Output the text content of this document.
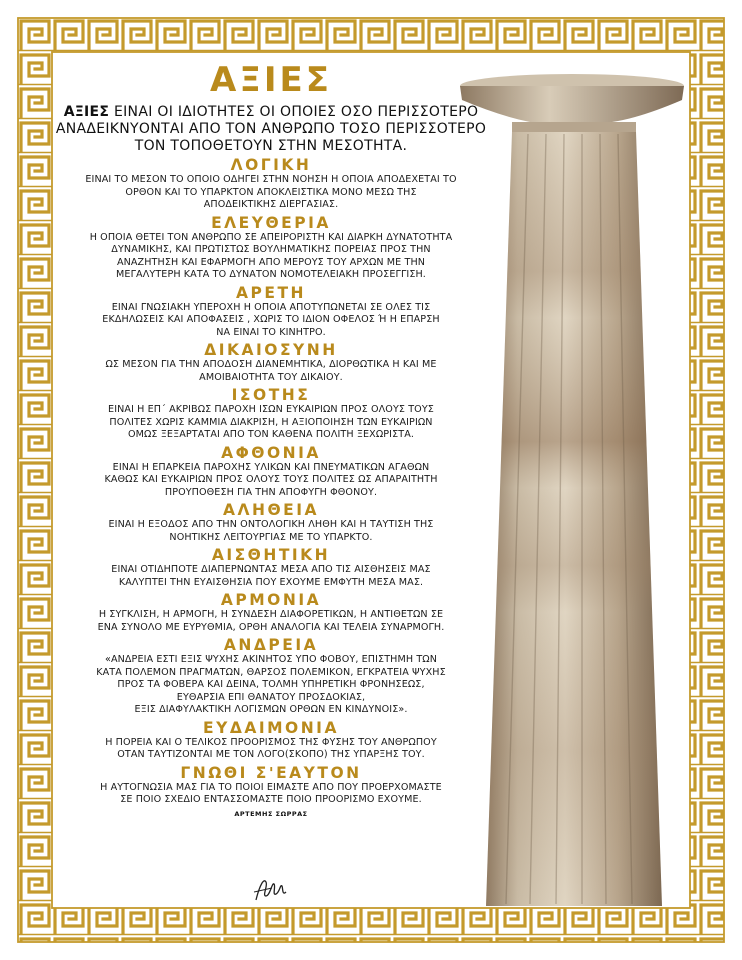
ΑΞΙΕΣ

ΑΞΙΕΣ ΕΙΝΑΙ ΟΙ ΙΔΙΟΤΗΤΕΣ ΟΙ ΟΠΟΙΕΣ ΟΣΟ ΠΕΡΙΣΣΟΤΕΡΟ ΑΝΑΔΕΙΚΝΥΟΝΤΑΙ ΑΠΟ ΤΟΝ ΑΝΘΡΩΠΟ ΤΟΣΟ ΠΕΡΙΣΣΟΤΕΡΟ ΤΟΝ ΤΟΠΟΘΕΤΟΥΝ ΣΤΗΝ ΜΕΣΟΤΗΤΑ.

ΛΟΓΙΚΗ
ΕΙΝΑΙ ΤΟ ΜΕΣΟΝ ΤΟ ΟΠΟΙΟ ΟΔΗΓΕΙ ΣΤΗΝ ΝΟΗΣΗ Η ΟΠΟΙΑ ΑΠΟΔΕΧΕΤΑΙ ΤΟ
ΟΡΘΟΝ ΚΑΙ ΤΟ ΥΠΑΡΚΤΟΝ ΑΠΟΚΛΕΙΣΤΙΚΑ ΜΟΝΟ ΜΕΣΩ ΤΗΣ
ΑΠΟΔΕΙΚΤΙΚΗΣ ΔΙΕΡΓΑΣΙΑΣ.
ΕΛΕΥΘΕΡΙΑ
Η ΟΠΟΙΑ ΘΕΤΕΙ ΤΟΝ ΑΝΘΡΩΠΟ ΣΕ ΑΠΕΙΡΟΡΙΣΤΗ ΚΑΙ ΔΙΑΡΚΗ ΔΥΝΑΤΟΤΗΤΑ
ΔΥΝΑΜΙΚΗΣ, ΚΑΙ ΠΡΩΤΙΣΤΩΣ ΒΟΥΛΗΜΑΤΙΚΗΣ ΠΟΡΕΙΑΣ ΠΡΟΣ ΤΗΝ
ΑΝΑΖΗΤΗΣΗ ΚΑΙ ΕΦΑΡΜΟΓΗ ΑΠΟ ΜΕΡΟΥΣ ΤΟΥ ΑΡΧΩΝ ΜΕ ΤΗΝ
ΜΕΓΑΛΥΤΕΡΗ ΚΑΤΑ ΤΟ ΔΥΝΑΤΟΝ ΝΟΜΟΤΕΛΕΙΑΚΗ ΠΡΟΣΕΓΓΙΣΗ.
ΑΡΕΤΗ
ΕΙΝΑΙ ΓΝΩΣΙΑΚΗ ΥΠΕΡΟΧΗ Η ΟΠΟΙΑ ΑΠΟΤΥΠΩΝΕΤΑΙ ΣΕ ΟΛΕΣ ΤΙΣ
ΕΚΔΗΛΩΣΕΙΣ ΚΑΙ ΑΠΟΦΑΣΕΙΣ , ΧΩΡΙΣ ΤΟ ΙΔΙΟΝ ΟΦΕΛΟΣ Ή Η ΕΠΑΡΣΗ
ΝΑ ΕΙΝΑΙ ΤΟ ΚΙΝΗΤΡΟ.
ΔΙΚΑΙΟΣΥΝΗ
ΩΣ ΜΕΣΟΝ ΓΙΑ ΤΗΝ ΑΠΟΔΟΣΗ ΔΙΑΝΕΜΗΤΙΚΑ, ΔΙΟΡΘΩΤΙΚΑ Η ΚΑΙ ΜΕ
ΑΜΟΙΒΑΙΟΤΗΤΑ ΤΟΥ ΔΙΚΑΙΟΥ.
ΙΣΟΤΗΣ
ΕΙΝΑΙ Η ΕΠ΄ ΑΚΡΙΒΩΣ ΠΑΡΟΧΗ ΙΣΩΝ ΕΥΚΑΙΡΙΩΝ ΠΡΟΣ ΟΛΟΥΣ ΤΟΥΣ
ΠΟΛΙΤΕΣ ΧΩΡΙΣ ΚΑΜΜΙΑ ΔΙΑΚΡΙΣΗ, Η ΑΞΙΟΠΟΙΗΣΗ ΤΩΝ ΕΥΚΑΙΡΙΩΝ
ΟΜΩΣ ΞΕΞΑΡΤΑΤΑΙ ΑΠΟ ΤΟΝ ΚΑΘΕΝΑ ΠΟΛΙΤΗ ΞΕΧΩΡΙΣΤΑ.
ΑΦΘΟΝΙΑ
ΕΙΝΑΙ Η ΕΠΑΡΚΕΙΑ ΠΑΡΟΧΗΣ ΥΛΙΚΩΝ ΚΑΙ ΠΝΕΥΜΑΤΙΚΩΝ ΑΓΑΘΩΝ
ΚΑΘΩΣ ΚΑΙ ΕΥΚΑΙΡΙΩΝ ΠΡΟΣ ΟΛΟΥΣ ΤΟΥΣ ΠΟΛΙΤΕΣ ΩΣ ΑΠΑΡΑΙΤΗΤΗ
ΠΡΟΥΠΟΘΕΣΗ ΓΙΑ ΤΗΝ ΑΠΟΦΥΓΗ ΦΘΟΝΟΥ.
ΑΛΗΘΕΙΑ
ΕΙΝΑΙ Η ΕΞΟΔΟΣ ΑΠΟ ΤΗΝ ΟΝΤΟΛΟΓΙΚΗ ΛΗΘΗ ΚΑΙ Η ΤΑΥΤΙΣΗ ΤΗΣ
ΝΟΗΤΙΚΗΣ ΛΕΙΤΟΥΡΓΙΑΣ ΜΕ ΤΟ ΥΠΑΡΚΤΟ.
ΑΙΣΘΗΤΙΚΗ
ΕΙΝΑΙ ΟΤΙΔΗΠΟΤΕ ΔΙΑΠΕΡΝΩΝΤΑΣ ΜΕΣΑ ΑΠΟ ΤΙΣ ΑΙΣΘΗΣΕΙΣ ΜΑΣ
ΚΑΛΥΠΤΕΙ ΤΗΝ ΕΥΑΙΣΘΗΣΙΑ ΠΟΥ ΕΧΟΥΜΕ ΕΜΦΥΤΗ ΜΕΣΑ ΜΑΣ.
ΑΡΜΟΝΙΑ
Η ΣΥΓΚΛΙΣΗ, Η ΑΡΜΟΓΗ, Η ΣΥΝΔΕΣΗ ΔΙΑΦΟΡΕΤΙΚΩΝ, Η ΑΝΤΙΘΕΤΩΝ ΣΕ
ΕΝΑ ΣΥΝΟΛΟ ΜΕ ΕΥΡΥΘΜΙΑ, ΟΡΘΗ ΑΝΑΛΟΓΙΑ ΚΑΙ ΤΕΛΕΙΑ ΣΥΝΑΡΜΟΓΗ.
ΑΝΔΡΕΙΑ
«ΑΝΔΡΕΙΑ ΕΣΤΙ ΕΞΙΣ ΨΥΧΗΣ ΑΚΙΝΗΤΟΣ ΥΠΟ ΦΟΒΟΥ, ΕΠΙΣΤΗΜΗ ΤΩΝ
ΚΑΤΑ ΠΟΛΕΜΟΝ ΠΡΑΓΜΑΤΩΝ, ΘΑΡΣΟΣ ΠΟΛΕΜΙΚΟΝ, ΕΓΚΡΑΤΕΙΑ ΨΥΧΗΣ
ΠΡΟΣ ΤΑ ΦΟΒΕΡΑ ΚΑΙ ΔΕΙΝΑ, ΤΟΛΜΗ ΥΠΗΡΕΤΙΚΗ ΦΡΟΝΗΣΕΩΣ,
ΕΥΘΑΡΣΙΑ ΕΠΙ ΘΑΝΑΤΟΥ ΠΡΟΣΔΟΚΙΑΣ,
ΕΞΙΣ ΔΙΑΦΥΛΑΚΤΙΚΗ ΛΟΓΙΣΜΩΝ ΟΡΘΩΝ ΕΝ ΚΙΝΔΥΝΟΙΣ».
ΕΥΔΑΙΜΟΝΙΑ
Η ΠΟΡΕΙΑ ΚΑΙ Ο ΤΕΛΙΚΟΣ ΠΡΟΟΡΙΣΜΟΣ ΤΗΣ ΦΥΣΗΣ ΤΟΥ ΑΝΘΡΩΠΟΥ
ΟΤΑΝ ΤΑΥΤΙΖΟΝΤΑΙ ΜΕ ΤΟΝ ΛΟΓΟ(ΣΚΟΠΟ) ΤΗΣ ΥΠΑΡΞΗΣ ΤΟΥ.
ΓΝΩΘΙ Σ'ΕΑΥΤΟΝ
Η ΑΥΤΟΓΝΩΣΙΑ ΜΑΣ ΓΙΑ ΤΟ ΠΟΙΟΙ ΕΙΜΑΣΤΕ ΑΠΟ ΠΟΥ ΠΡΟΕΡΧΟΜΑΣΤΕ
ΣΕ ΠΟΙΟ ΣΧΕΔΙΟ ΕΝΤΑΣΣΟΜΑΣΤΕ ΠΟΙΟ ΠΡΟΟΡΙΣΜΟ ΕΧΟΥΜΕ.
ΑΡΤΕΜΗΣ ΣΩΡΡΑΣ
